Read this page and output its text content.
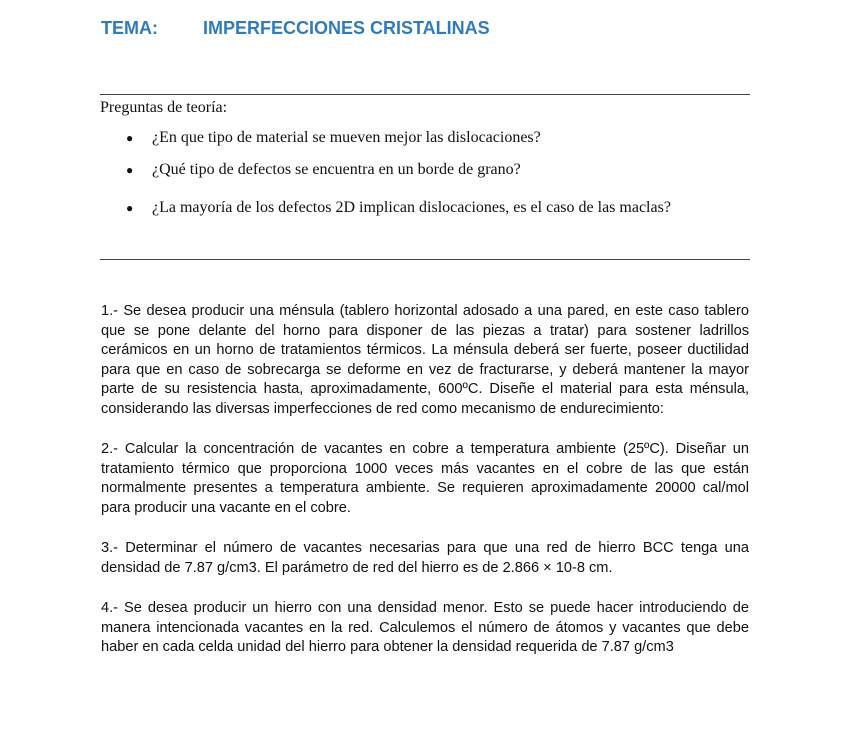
TEMA:	IMPERFECCIONES CRISTALINAS

Preguntas de teoría:

● ¿En que tipo de material se mueven mejor las dislocaciones?
● ¿Qué tipo de defectos se encuentra en un borde de grano?
● ¿La mayoría de los defectos 2D implican dislocaciones, es el caso de las maclas?

1.- Se desea producir una ménsula (tablero horizontal adosado a una pared, en este caso tablero que se pone delante del horno para disponer de las piezas a tratar) para sostener ladrillos cerámicos en un horno de tratamientos térmicos. La ménsula deberá ser fuerte, poseer ductilidad para que en caso de sobrecarga se deforme en vez de fracturarse, y deberá mantener la mayor parte de su resistencia hasta, aproximadamente, 600ºC. Diseñe el material para esta ménsula, considerando las diversas imperfecciones de red como mecanismo de endurecimiento:

2.- Calcular la concentración de vacantes en cobre a temperatura ambiente (25ºC). Diseñar un tratamiento térmico que proporciona 1000 veces más vacantes en el cobre de las que están normalmente presentes a temperatura ambiente. Se requieren aproximadamente 20000 cal/mol para producir una vacante en el cobre.

3.- Determinar el número de vacantes necesarias para que una red de hierro BCC tenga una densidad de 7.87 g/cm3. El parámetro de red del hierro es de 2.866 × 10-8 cm.

4.- Se desea producir un hierro con una densidad menor. Esto se puede hacer introduciendo de manera intencionada vacantes en la red. Calculemos el número de átomos y vacantes que debe haber en cada celda unidad del hierro para obtener la densidad requerida de 7.87 g/cm3
